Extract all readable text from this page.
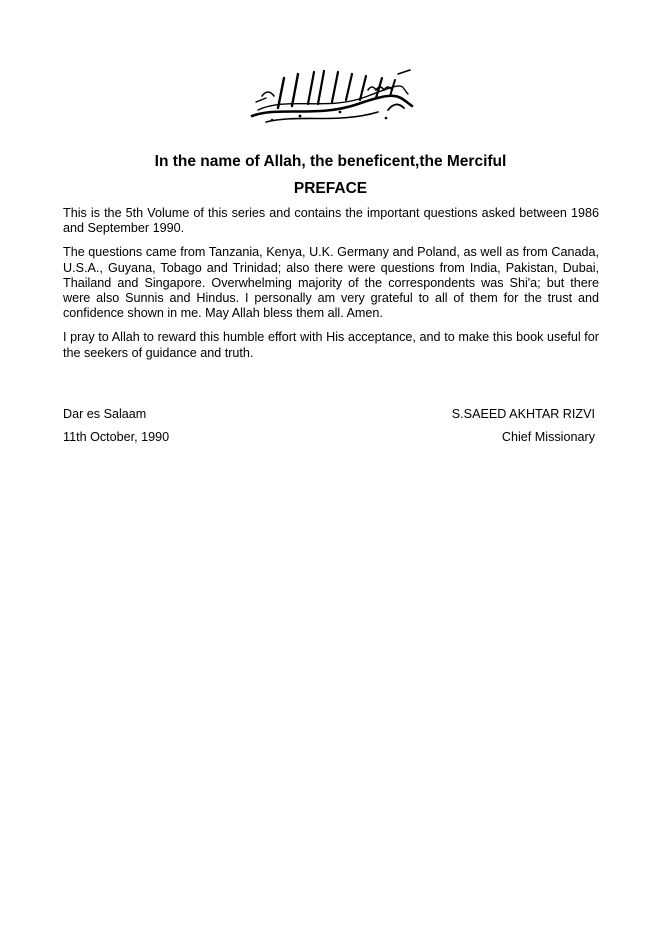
بِسْمِ اللهِ الرَّحْمٰنِ الرَّحِيْمِ
In the name of Allah, the beneficent,the Merciful
PREFACE

This is the 5th Volume of this series and contains the important questions asked between 1986 and September 1990.

The questions came from Tanzania, Kenya, U.K. Germany and Poland, as well as from Canada, U.S.A., Guyana, Tobago and Trinidad; also there were questions from India, Pakistan, Dubai, Thailand and Singapore. Overwhelming majority of the correspondents was Shi'a; but there were also Sunnis and Hindus. I personally am very grateful to all of them for the trust and confidence shown in me. May Allah bless them all. Amen.

I pray to Allah to reward this humble effort with His acceptance, and to make this book useful for the seekers of guidance and truth.

Dar es Salaam	S.SAEED AKHTAR RIZVI
11th October, 1990	Chief Missionary
